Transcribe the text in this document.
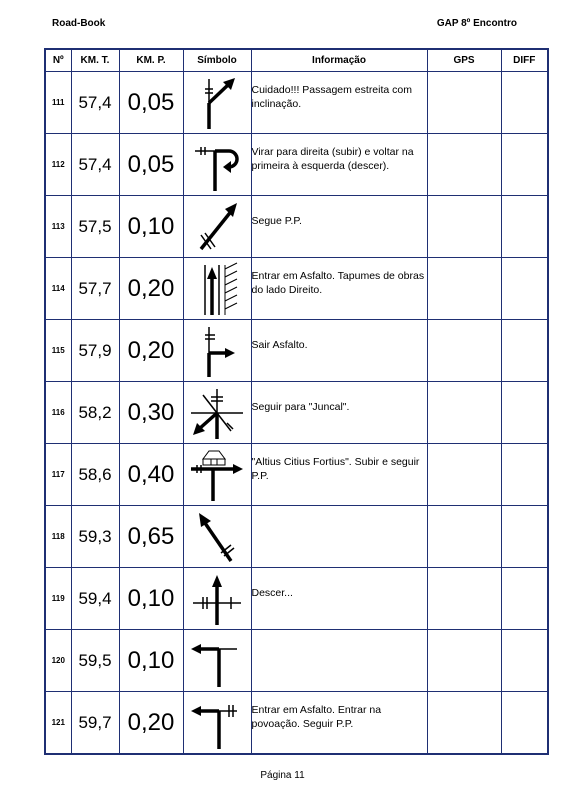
Road-Book	GAP 8º Encontro
Nº	KM. T.	KM. P.	Símbolo	Informação	GPS	DIFF
111	57,4	0,05		Cuidado!!! Passagem estreita com inclinação.		

112	57,4	0,05		Virar para direita (subir) e voltar na primeira à esquerda (descer).		

113	57,5	0,10		Segue P.P.		

114	57,7	0,20		Entrar em Asfalto. Tapumes de obras do lado Direito.		

115	57,9	0,20		Sair Asfalto.		

116	58,2	0,30		Seguir para "Juncal".		

117	58,6	0,40		"Altius Citius Fortius". Subir e seguir P.P.		

118	59,3	0,65	

119	59,4	0,10		Descer...		

120	59,5	0,10	

121	59,7	0,20		Entrar em Asfalto. Entrar na povoação. Seguir P.P.		

Página 11
